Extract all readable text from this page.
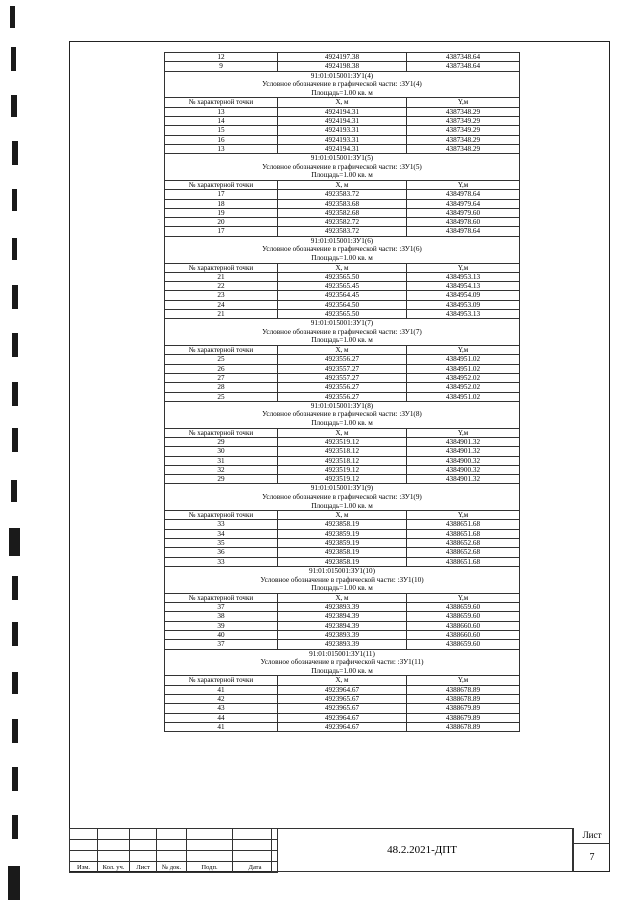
12	4924197.38	4387348.64
9	4924198.38	4387348.64
91:01:015001:ЗУ1(4)		
Условное обозначение в графической части: :ЗУ1(4)		
Площадь=1.00 кв. м		
№ характерной точки	X, м	Y,м
13	4924194.31	4387348.29
14	4924194.31	4387349.29
15	4924193.31	4387349.29
16	4924193.31	4387348.29
13	4924194.31	4387348.29
91:01:015001:ЗУ1(5)		
Условное обозначение в графической части: :ЗУ1(5)		
Площадь=1.00 кв. м		
№ характерной точки	X, м	Y,м
17	4923583.72	4384978.64
18	4923583.68	4384979.64
19	4923582.68	4384979.60
20	4923582.72	4384978.60
17	4923583.72	4384978.64
91:01:015001:ЗУ1(6)		
Условное обозначение в графической части: :ЗУ1(6)		
Площадь=1.00 кв. м		
№ характерной точки	X, м	Y,м
21	4923565.50	4384953.13
22	4923565.45	4384954.13
23	4923564.45	4384954.09
24	4923564.50	4384953.09
21	4923565.50	4384953.13
91:01:015001:ЗУ1(7)		
Условное обозначение в графической части: :ЗУ1(7)		
Площадь=1.00 кв. м		
№ характерной точки	X, м	Y,м
25	4923556.27	4384951.02
26	4923557.27	4384951.02
27	4923557.27	4384952.02
28	4923556.27	4384952.02
25	4923556.27	4384951.02
91:01:015001:ЗУ1(8)		
Условное обозначение в графической части: :ЗУ1(8)		
Площадь=1.00 кв. м		
№ характерной точки	X, м	Y,м
29	4923519.12	4384901.32
30	4923518.12	4384901.32
31	4923518.12	4384900.32
32	4923519.12	4384900.32
29	4923519.12	4384901.32
91:01:015001:ЗУ1(9)		
Условное обозначение в графической части: :ЗУ1(9)		
Площадь=1.00 кв. м		
№ характерной точки	X, м	Y,м
33	4923858.19	4388651.68
34	4923859.19	4388651.68
35	4923859.19	4388652.68
36	4923858.19	4388652.68
33	4923858.19	4388651.68
91:01:015001:ЗУ1(10)		
Условное обозначение в графической части: :ЗУ1(10)		
Площадь=1.00 кв. м		
№ характерной точки	X, м	Y,м
37	4923893.39	4388659.60
38	4923894.39	4388659.60
39	4923894.39	4388660.60
40	4923893.39	4388660.60
37	4923893.39	4388659.60
91:01:015001:ЗУ1(11)		
Условное обозначение в графической части: :ЗУ1(11)		
Площадь=1.00 кв. м		
№ характерной точки	X, м	Y,м
41	4923964.67	4388678.89
42	4923965.67	4388678.89
43	4923965.67	4388679.89
44	4923964.67	4388679.89
41	4923964.67	4388678.89

Изм.	Кол. уч.	Лист	№ док.	Подп.	Дата
48.2.2021-ДПТ
Лист
7
